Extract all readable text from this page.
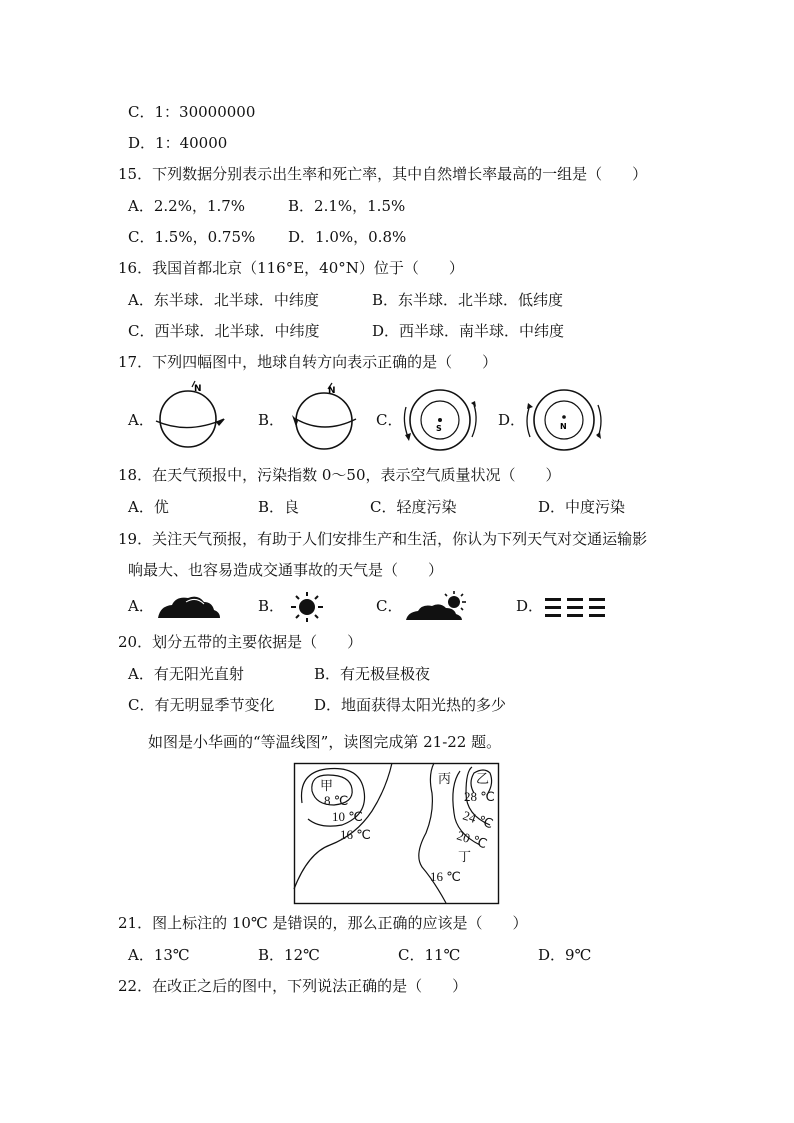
C．1：30000000
D．1：40000
15．下列数据分别表示出生率和死亡率，其中自然增长率最高的一组是（　　）
A．2.2%，1.7%	B．2.1%，1.5%
C．1.5%，0.75% D．1.0%，0.8%
16．我国首都北京（116°E，40°N）位于（　　）
A．东半球．北半球．中纬度	B．东半球．北半球．低纬度
C．西半球．北半球．中纬度	D．西半球．南半球．中纬度
17．下列四幅图中，地球自转方向表示正确的是（　　）
A．	B．	C．	D．
N	N
S	N
18．在天气预报中，污染指数 0～50，表示空气质量状况（　　）
A．优	B．良	C．轻度污染	D．中度污染
19．关注天气预报，有助于人们安排生产和生活，你认为下列天气对交通运输影
响最大、也容易造成交通事故的天气是（　　）
A．	B．	C．	D．
20．划分五带的主要依据是（　　）
A．有无阳光直射	B．有无极昼极夜
C．有无明显季节变化	D．地面获得太阳光热的多少
如图是小华画的“等温线图”，读图完成第 21-22 题。
甲
8 ℃
10 ℃
16 ℃
丙 乙
28 ℃
24 ℃
20 ℃
丁
16 ℃
21．图上标注的 10℃ 是错误的，那么正确的应该是（　　）
A．13℃	B．12℃	C．11℃	D．9℃
22．在改正之后的图中，下列说法正确的是（　　）
